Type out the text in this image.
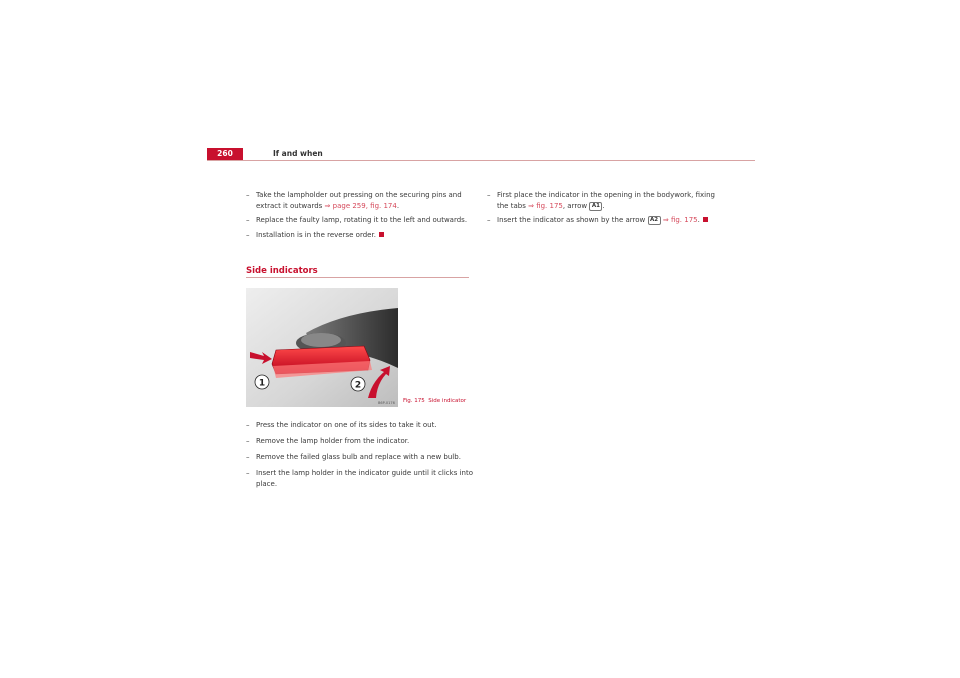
260	If and when
– Take the lampholder out pressing on the securing pins and
extract it outwards ⇒ page 259, fig. 174.
– Replace the faulty lamp, rotating it to the left and outwards.
– Installation is in the reverse order.
Side indicators
1	2
B6P-0176 Fig. 175 Side indicator
– Press the indicator on one of its sides to take it out.
– Remove the lamp holder from the indicator.
– Remove the failed glass bulb and replace with a new bulb.
– Insert the lamp holder in the indicator guide until it clicks into
place.
– First place the indicator in the opening in the bodywork, fixing
the tabs ⇒ fig. 175, arrow A1 .
– Insert the indicator as shown by the arrow A2 ⇒ fig. 175.
